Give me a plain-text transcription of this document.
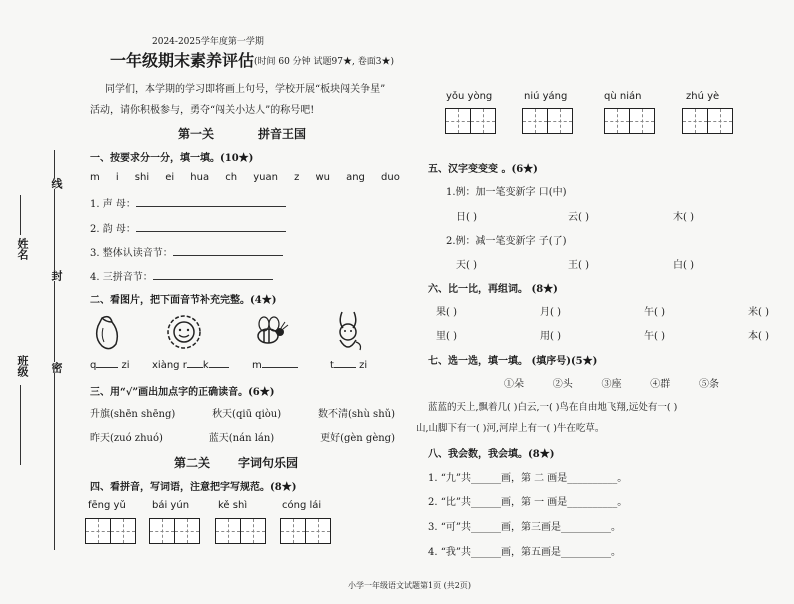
班级
姓名
密
封
线
2024-2025学年度第一学期
一年级期末素养评估 (时间 60 分钟 试题97★, 卷面3★)
同学们，本学期的学习即将画上句号，学校开展“板块闯关争星”
活动，请你积极参与，勇夺“闯关小达人”的称号吧!
第一关	拼音王国
一、按要求分一分，填一填。(10★)
m i shi ei hua ch yuan z wu ang duo
1. 声 母：
2. 韵 母：
3. 整体认读音节：
4. 三拼音节：
二、看图片，把下面音节补充完整。(4★)
q zi xiàng r k	m	t zi
三、用“√”画出加点字的正确读音。(6★)
升旗(shēn shēng)	秋天(qiū qiòu)	数不清(shù shǔ)
昨天(zuó zhuó)	蓝天(nán lán)	更好(gèn gèng)
第二关 字词句乐园
四、看拼音，写词语，注意把字写规范。(8★)
fēng yǔ	bái yún	kě shì	cóng lái
yǒu yòng	niú yáng	qù nián	zhú yè
五、汉字变变变 。(6★)
1.例：加一笔变新字 口(中)
日( )	云( )	木( )
2.例：减一笔变新字 子(了)
天( )	王( )	白( )
六、比一比，再组词。 (8★)
果( )	月( )	午( )	米( )
里( )	用( )	午( )	本( )
七、选一选，填一填。 (填序号)(5★)
①朵	②头	③座	④群	⑤条
蓝蓝的天上,飘着几( )白云,一( )鸟在自由地飞翔,远处有一( )
山,山脚下有一( )河,河岸上有一( )牛在吃草。
八、我会数，我会填。(8★)
1. “九”共______画，第 二 画是__________。
2. “比”共______画，第 一 画是__________。
3. “可”共______画，第三画是__________。
4. “我”共______画，第五画是__________。
小学一年级语文试题第1页 (共2页)
